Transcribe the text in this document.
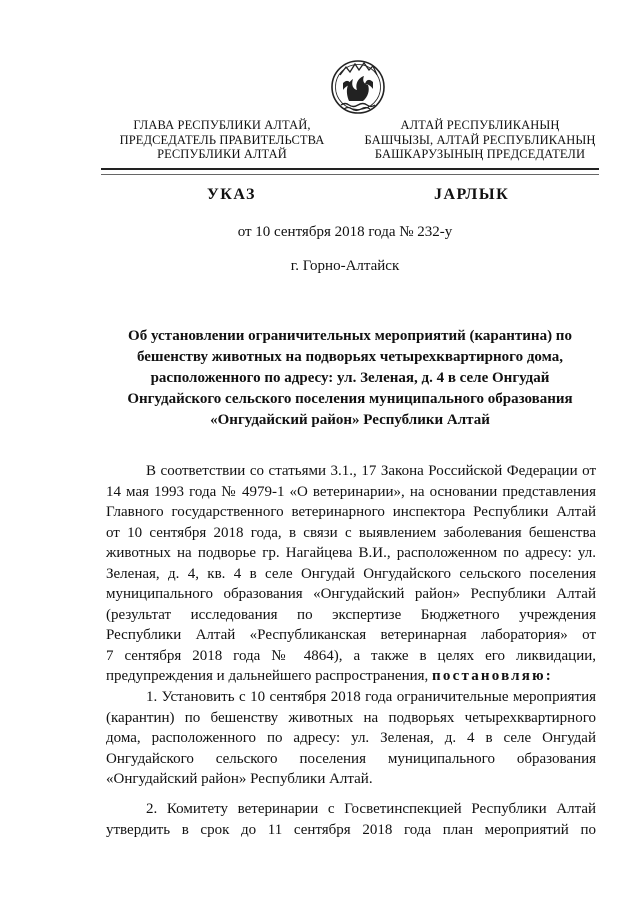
ГЛАВА РЕСПУБЛИКИ АЛТАЙ,
ПРЕДСЕДАТЕЛЬ ПРАВИТЕЛЬСТВА
РЕСПУБЛИКИ АЛТАЙ
АЛТАЙ РЕСПУБЛИКАНЫҢ
БАШЧЫЗЫ, АЛТАЙ РЕСПУБЛИКАНЫҢ
БАШКАРУЗЫНЫҢ ПРЕДСЕДАТЕЛИ
УКАЗ	JАРЛЫК
от 10 сентября 2018 года № 232-у
г. Горно-Алтайск
Об установлении ограничительных мероприятий (карантина) по
бешенству животных на подворьях четырехквартирного дома,
расположенного по адресу: ул. Зеленая, д. 4 в селе Онгудай
Онгудайского сельского поселения муниципального образования
«Онгудайский район» Республики Алтай
В соответствии со статьями 3.1., 17 Закона Российской Федерации от
14 мая 1993 года № 4979-1 «О ветеринарии», на основании представления
Главного государственного ветеринарного инспектора Республики Алтай
от 10 сентября 2018 года, в связи с выявлением заболевания бешенства
животных на подворье гр. Нагайцева В.И., расположенном по адресу: ул.
Зеленая, д. 4, кв. 4 в селе Онгудай Онгудайского сельского поселения
муниципального образования «Онгудайский район» Республики Алтай
(результат исследования по экспертизе Бюджетного учреждения
Республики Алтай «Республиканская ветеринарная лаборатория» от
7 сентября 2018 года № 4864), а также в целях его ликвидации,
предупреждения и дальнейшего распространения, постановляю:
1. Установить с 10 сентября 2018 года ограничительные мероприятия
(карантин) по бешенству животных на подворьях четырехквартирного
дома, расположенного по адресу: ул. Зеленая, д. 4 в селе Онгудай
Онгудайского сельского поселения муниципального образования
«Онгудайский район» Республики Алтай.
2. Комитету ветеринарии с Госветинспекцией Республики Алтай
утвердить в срок до 11 сентября 2018 года план мероприятий по
